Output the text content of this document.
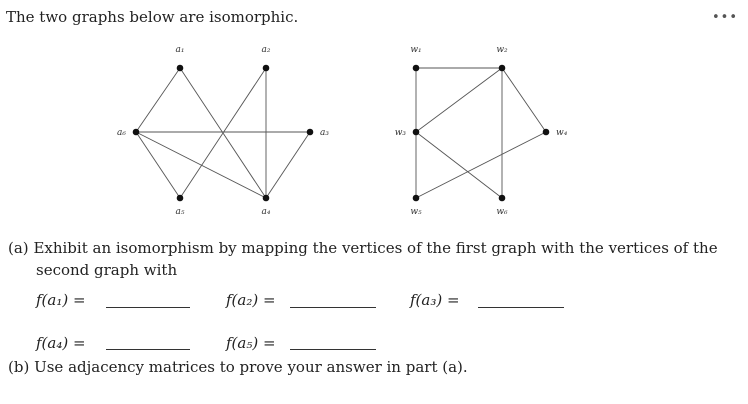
The two graphs below are isomorphic.	•••
a₁	a₂
a₃
a₄
a₅
a₆
w₁	w₂
w₃	w₄
w₅	w₆
(a) Exhibit an isomorphism by mapping the vertices of the first graph with the vertices of the
second graph with
f(a₁) =	f(a₂) =	f(a₃) =
f(a₄) =	f(a₅) =
(b) Use adjacency matrices to prove your answer in part (a).
